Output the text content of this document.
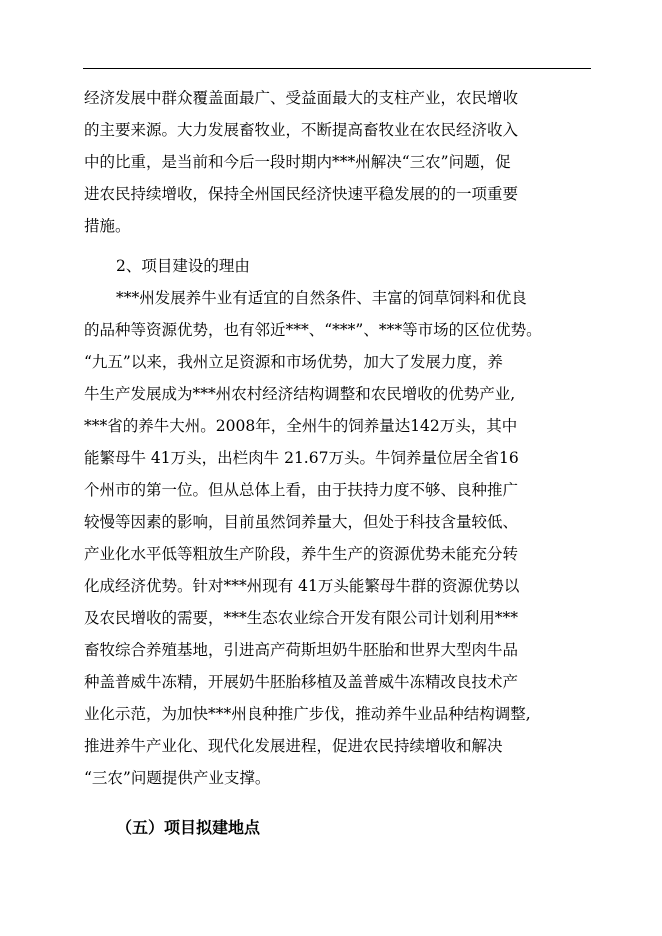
经济发展中群众覆盖面最广、受益面最大的支柱产业，农民增收
的主要来源。大力发展畜牧业，不断提高畜牧业在农民经济收入
中的比重，是当前和今后一段时期内***州解决“三农”问题，促
进农民持续增收，保持全州国民经济快速平稳发展的的一项重要
措施。
2、项目建设的理由
***州发展养牛业有适宜的自然条件、丰富的饲草饲料和优良
的品种等资源优势，也有邻近***、“***”、***等市场的区位优势。
“九五”以来，我州立足资源和市场优势，加大了发展力度，养
牛生产发展成为***州农村经济结构调整和农民增收的优势产业,
***省的养牛大州。2008年，全州牛的饲养量达142万头，其中
能繁母牛 41万头，出栏肉牛 21.67万头。牛饲养量位居全省16
个州市的第一位。但从总体上看，由于扶持力度不够、良种推广
较慢等因素的影响，目前虽然饲养量大，但处于科技含量较低、
产业化水平低等粗放生产阶段，养牛生产的资源优势未能充分转
化成经济优势。针对***州现有 41万头能繁母牛群的资源优势以
及农民增收的需要，***生态农业综合开发有限公司计划利用***
畜牧综合养殖基地，引进高产荷斯坦奶牛胚胎和世界大型肉牛品
种盖普威牛冻精，开展奶牛胚胎移植及盖普威牛冻精改良技术产
业化示范，为加快***州良种推广步伐，推动养牛业品种结构调整,
推进养牛产业化、现代化发展进程，促进农民持续增收和解决
“三农”问题提供产业支撑。
（五）项目拟建地点
